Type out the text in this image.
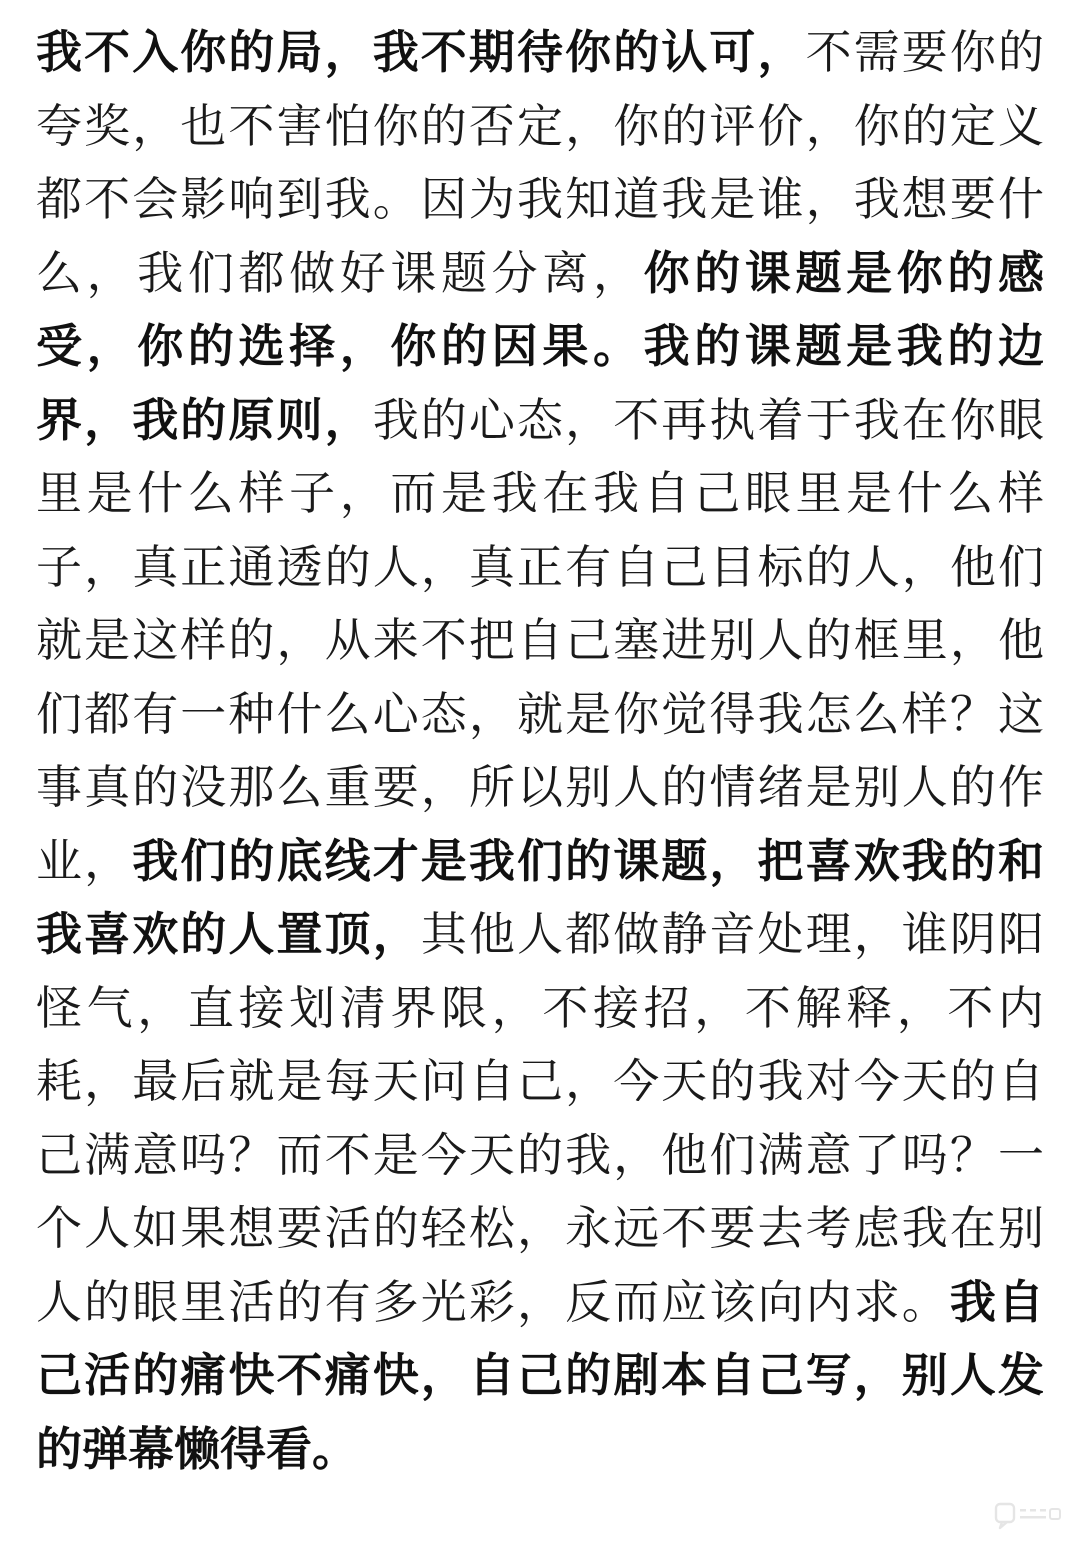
我不入你的局，我不期待你的认可，不需要你的夸奖，也不害怕你的否定，你的评价，你的定义都不会影响到我。因为我知道我是谁，我想要什么，我们都做好课题分离，你的课题是你的感受，你的选择，你的因果。我的课题是我的边界，我的原则，我的心态，不再执着于我在你眼里是什么样子，而是我在我自己眼里是什么样子，真正通透的人，真正有自己目标的人，他们就是这样的，从来不把自己塞进别人的框里，他们都有一种什么心态，就是你觉得我怎么样？这事真的没那么重要，所以别人的情绪是别人的作业，我们的底线才是我们的课题，把喜欢我的和我喜欢的人置顶，其他人都做静音处理，谁阴阳怪气，直接划清界限，不接招，不解释，不内耗，最后就是每天问自己，今天的我对今天的自己满意吗？而不是今天的我，他们满意了吗？一个人如果想要活的轻松，永远不要去考虑我在别人的眼里活的有多光彩，反而应该向内求。我自己活的痛快不痛快，自己的剧本自己写，别人发的弹幕懒得看。
